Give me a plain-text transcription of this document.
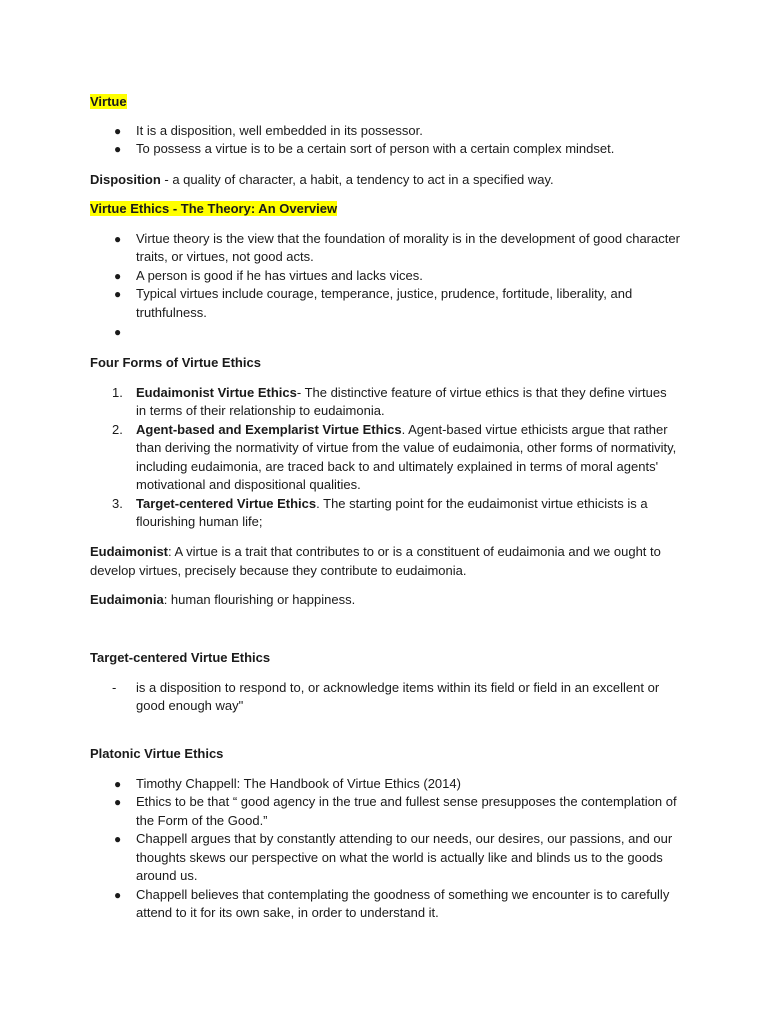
Virtue
● It is a disposition, well embedded in its possessor.
● To possess a virtue is to be a certain sort of person with a certain complex mindset.
Disposition - a quality of character, a habit, a tendency to act in a specified way.
Virtue Ethics - The Theory: An Overview
● Virtue theory is the view that the foundation of morality is in the development of good character traits, or virtues, not good acts.
● A person is good if he has virtues and lacks vices.
● Typical virtues include courage, temperance, justice, prudence, fortitude, liberality, and truthfulness.
●

Four Forms of Virtue Ethics
1. Eudaimonist Virtue Ethics- The distinctive feature of virtue ethics is that they define virtues in terms of their relationship to eudaimonia.
2. Agent-based and Exemplarist Virtue Ethics. Agent-based virtue ethicists argue that rather than deriving the normativity of virtue from the value of eudaimonia, other forms of normativity, including eudaimonia, are traced back to and ultimately explained in terms of moral agents' motivational and dispositional qualities.
3. Target-centered Virtue Ethics. The starting point for the eudaimonist virtue ethicists is a flourishing human life;
Eudaimonist: A virtue is a trait that contributes to or is a constituent of eudaimonia and we ought to develop virtues, precisely because they contribute to eudaimonia.
Eudaimonia: human flourishing or happiness.
Target-centered Virtue Ethics
- is a disposition to respond to, or acknowledge items within its field or field in an excellent or good enough way"
Platonic Virtue Ethics
● Timothy Chappell: The Handbook of Virtue Ethics (2014)
● Ethics to be that “ good agency in the true and fullest sense presupposes the contemplation of the Form of the Good.”
● Chappell argues that by constantly attending to our needs, our desires, our passions, and our thoughts skews our perspective on what the world is actually like and blinds us to the goods around us.
● Chappell believes that contemplating the goodness of something we encounter is to carefully attend to it for its own sake, in order to understand it.
